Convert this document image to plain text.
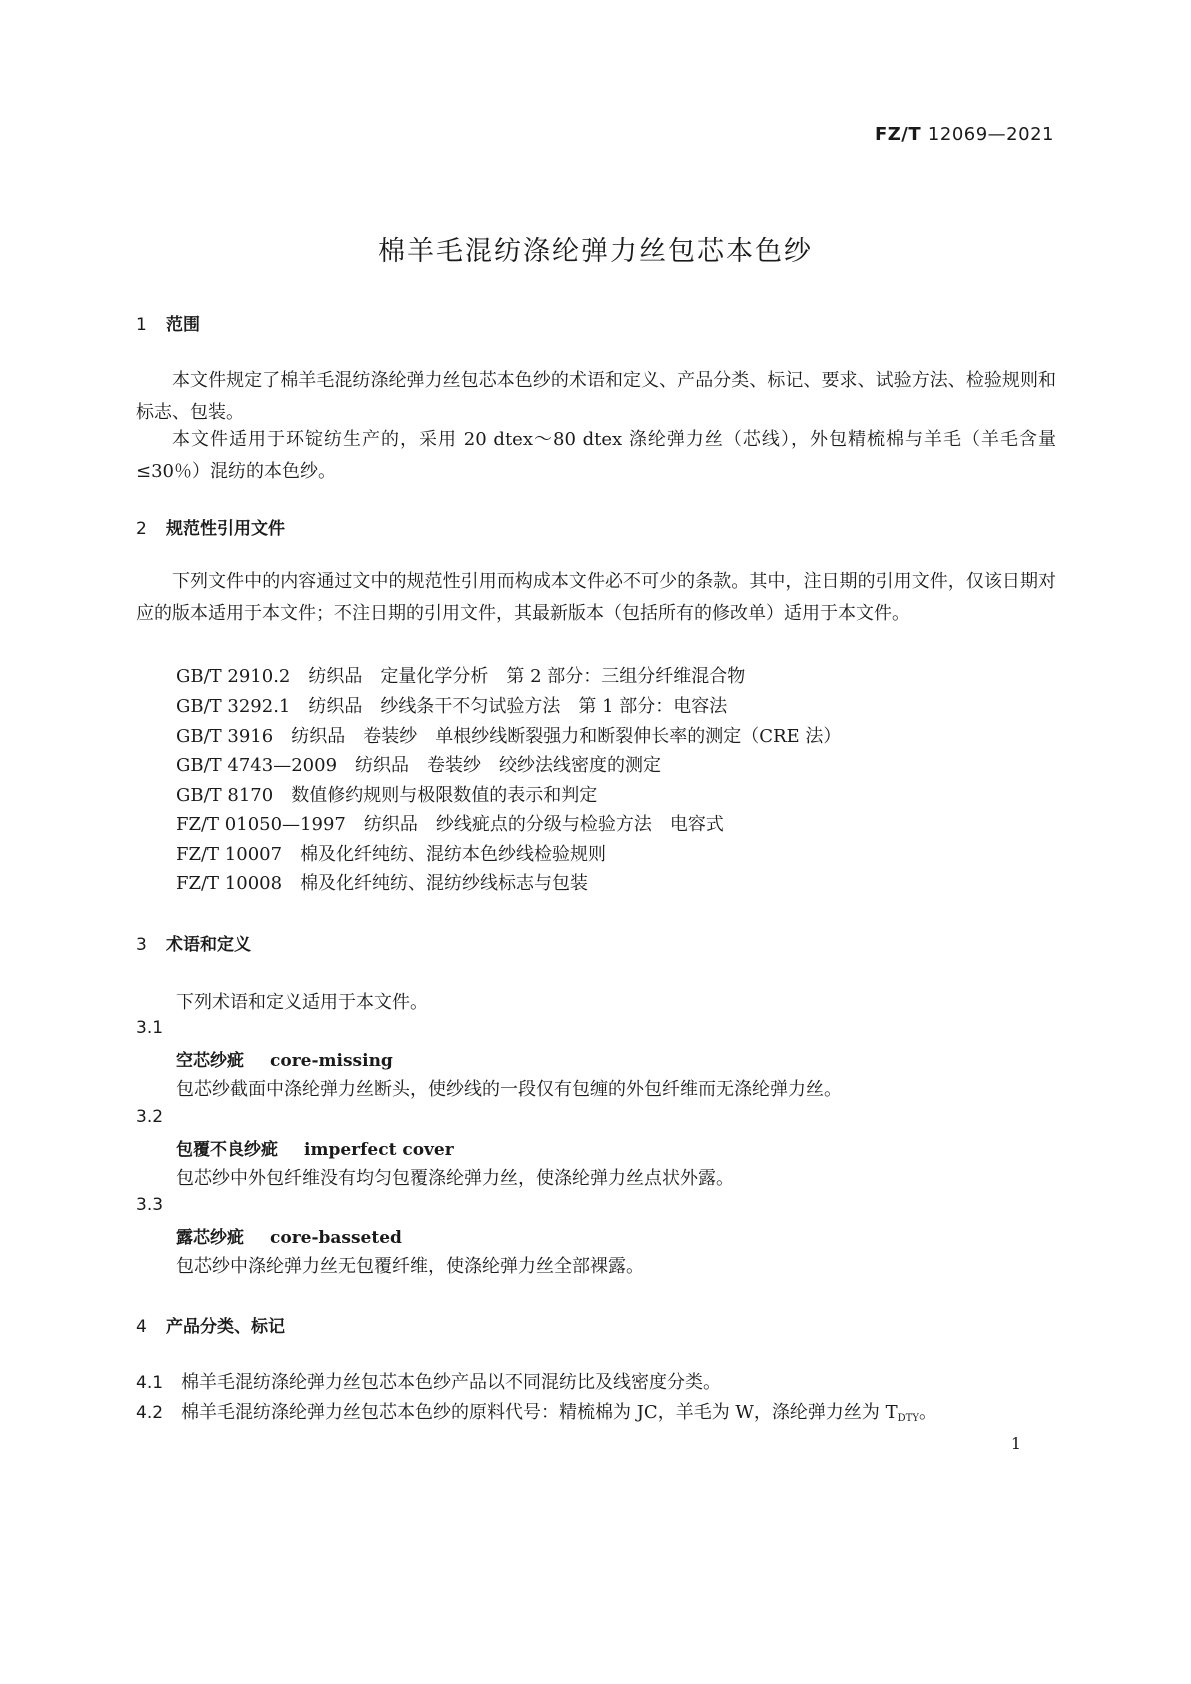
FZ/T 12069—2021
棉羊毛混纺涤纶弹力丝包芯本色纱
1 范围
本文件规定了棉羊毛混纺涤纶弹力丝包芯本色纱的术语和定义、产品分类、标记、要求、试验方法、检验规则和标志、包装。
本文件适用于环锭纺生产的，采用 20 dtex～80 dtex 涤纶弹力丝（芯线），外包精梳棉与羊毛（羊毛含量≤30％）混纺的本色纱。
2 规范性引用文件
下列文件中的内容通过文中的规范性引用而构成本文件必不可少的条款。其中，注日期的引用文件，仅该日期对应的版本适用于本文件；不注日期的引用文件，其最新版本（包括所有的修改单）适用于本文件。
GB/T 2910.2 纺织品　定量化学分析　第 2 部分：三组分纤维混合物
GB/T 3292.1 纺织品　纱线条干不匀试验方法　第 1 部分：电容法
GB/T 3916 纺织品　卷装纱　单根纱线断裂强力和断裂伸长率的测定（CRE 法）
GB/T 4743—2009 纺织品　卷装纱　绞纱法线密度的测定
GB/T 8170 数值修约规则与极限数值的表示和判定
FZ/T 01050—1997 纺织品　纱线疵点的分级与检验方法　电容式
FZ/T 10007 棉及化纤纯纺、混纺本色纱线检验规则
FZ/T 10008 棉及化纤纯纺、混纺纱线标志与包装
3 术语和定义
下列术语和定义适用于本文件。
3.1
空芯纱疵 core-missing
包芯纱截面中涤纶弹力丝断头，使纱线的一段仅有包缠的外包纤维而无涤纶弹力丝。
3.2
包覆不良纱疵 imperfect cover
包芯纱中外包纤维没有均匀包覆涤纶弹力丝，使涤纶弹力丝点状外露。
3.3
露芯纱疵 core-basseted
包芯纱中涤纶弹力丝无包覆纤维，使涤纶弹力丝全部裸露。
4 产品分类、标记
4.1 棉羊毛混纺涤纶弹力丝包芯本色纱产品以不同混纺比及线密度分类。
4.2 棉羊毛混纺涤纶弹力丝包芯本色纱的原料代号：精梳棉为 JC，羊毛为 W，涤纶弹力丝为 $T_{DTY}$。
1
